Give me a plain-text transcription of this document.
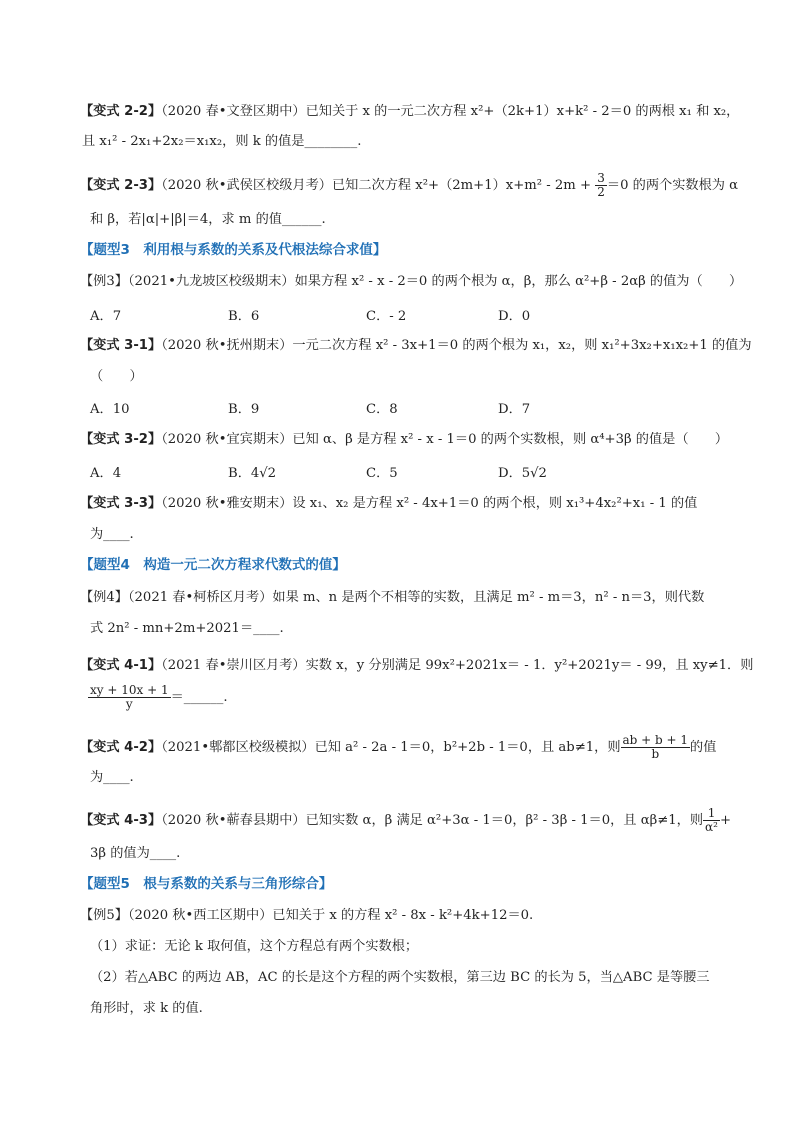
【变式 2-2】（2020 春•文登区期中）已知关于 x 的一元二次方程 x²+（2k+1）x+k² - 2＝0 的两根 x₁ 和 x₂，
且 x₁² - 2x₁+2x₂＝x₁x₂，则 k 的值是________.
【变式 2-3】（2020 秋•武侯区校级月考）已知二次方程 $x^2+(2m+1)x+m^2 - 2m + \frac{3}{2} =0$ 的两个实数根为 α
和 β，若|α|+|β|＝4，求 m 的值______.
【题型3　利用根与系数的关系及代根法综合求值】
【例3】（2021•九龙坡区校级期末）如果方程 x² - x - 2＝0 的两个根为 α，β，那么 α²+β - 2αβ 的值为（　　）
A．7	B．6	C．- 2	D．0
【变式 3-1】（2020 秋•抚州期末）一元二次方程 x² - 3x+1＝0 的两个根为 x₁，x₂，则 x₁²+3x₂+x₁x₂+1 的值为
（　　）
A．10	B．9	C．8	D．7
【变式 3-2】（2020 秋•宜宾期末）已知 α、β 是方程 x² - x - 1＝0 的两个实数根，则 α⁴+3β 的值是（　　）
A．4	B．4√2	C．5	D．5√2
【变式 3-3】（2020 秋•雅安期末）设 x₁、x₂ 是方程 x² - 4x+1＝0 的两个根，则 x₁³+4x₂²+x₁ - 1 的值
为____.
【题型4　构造一元二次方程求代数式的值】
【例4】（2021 春•柯桥区月考）如果 m、n 是两个不相等的实数，且满足 m² - m＝3，n² - n＝3，则代数
式 2n² - mn+2m+2021＝____.
【变式 4-1】（2021 春•崇川区月考）实数 x，y 分别满足 99x²+2021x＝ - 1．y²+2021y＝ - 99，且 xy≠1．则
$\frac{xy + 10x + 1}{y}$ ＝______.
【变式 4-2】（2021•郫都区校级模拟）已知 a² - 2a - 1＝0，b²+2b - 1＝0，且 ab≠1，则 $\frac{ab + b + 1}{b}$ 的值
为____.
【变式 4-3】（2020 秋•蕲春县期中）已知实数 α，β 满足 α²+3α - 1＝0，β² - 3β - 1＝0，且 αβ≠1，则 $\frac{1}{\text{α²}}$ +
3β 的值为____.
【题型5　根与系数的关系与三角形综合】
【例5】（2020 秋•西工区期中）已知关于 x 的方程 x² - 8x - k²+4k+12＝0.
（1）求证：无论 k 取何值，这个方程总有两个实数根；
（2）若△ABC 的两边 AB，AC 的长是这个方程的两个实数根，第三边 BC 的长为 5，当△ABC 是等腰三
角形时，求 k 的值.
